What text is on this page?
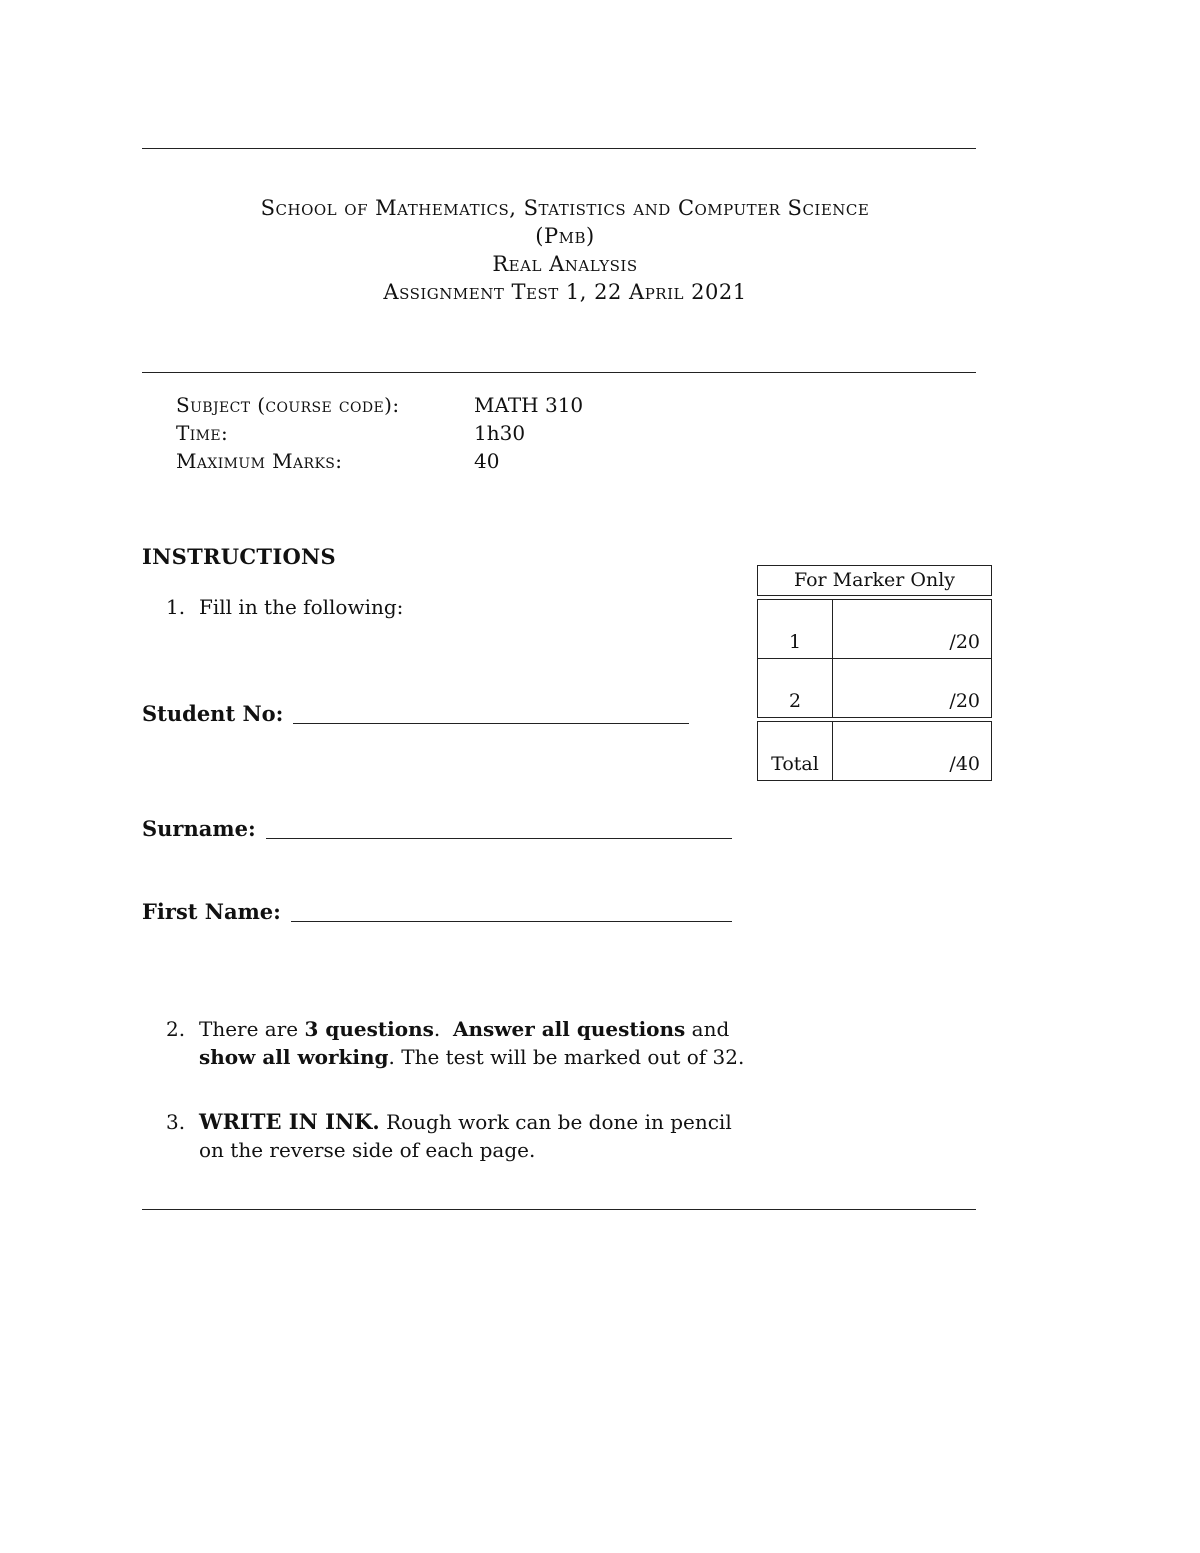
School of Mathematics, Statistics and Computer Science
(Pmb)
Real Analysis
Assignment Test 1, 22 April 2021
Subject (course code):	MATH 310
Time:	1h30
Maximum Marks:	40
INSTRUCTIONS
1. Fill in the following:
Student No:
Surname:
First Name:
2. There are 3 questions.  Answer all questions and
show all working. The test will be marked out of 32.
3. WRITE IN INK. Rough work can be done in pencil
on the reverse side of each page.
For Marker Only
1	/20
2	/20
Total	/40
